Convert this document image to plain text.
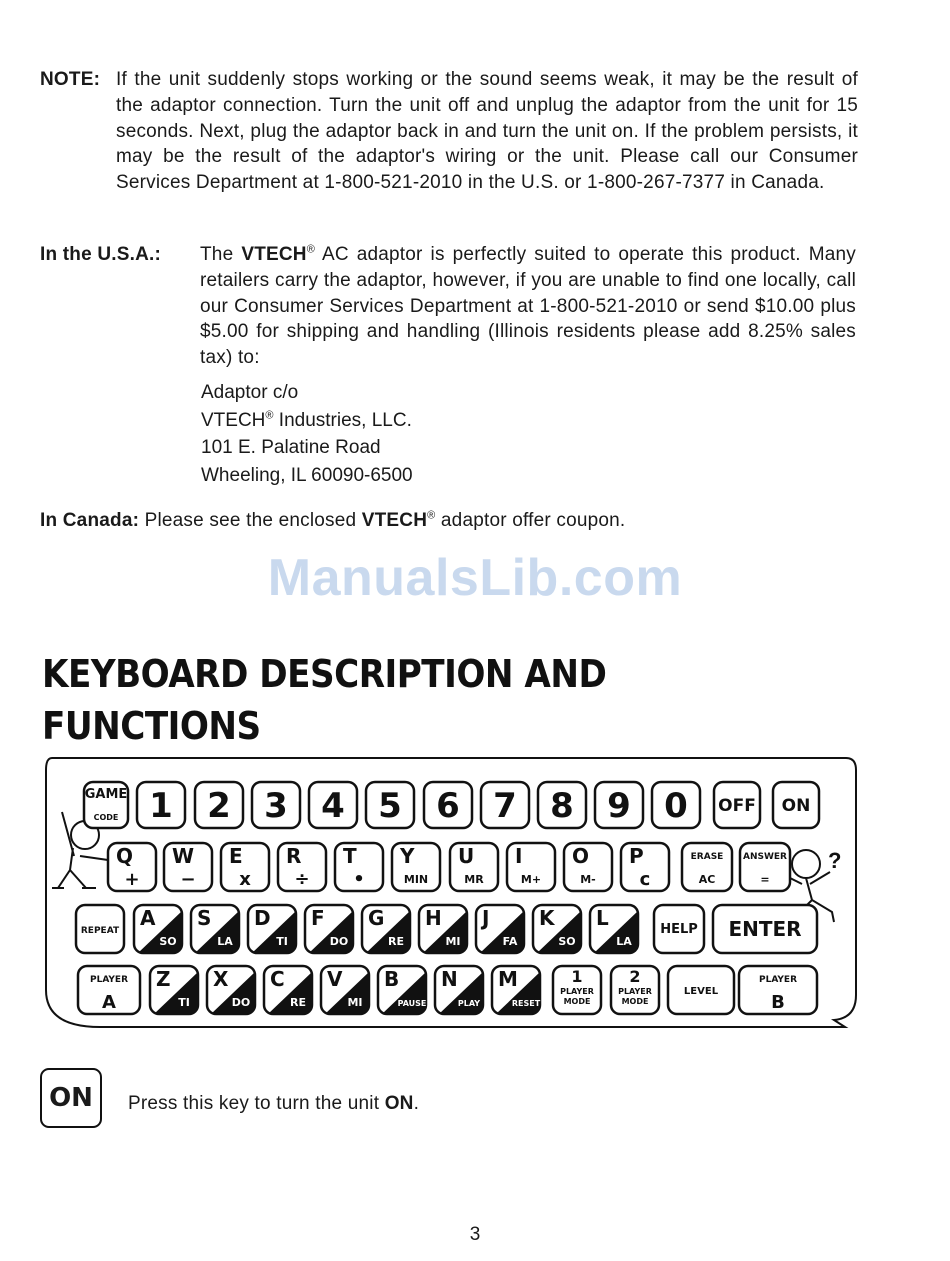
NOTE: If the unit suddenly stops working or the sound seems weak, it may be the result of the adaptor connection. Turn the unit off and unplug the adaptor from the unit for 15 seconds. Next, plug the adaptor back in and turn the unit on. If the problem persists, it may be the result of the adaptor's wiring or the unit. Please call our Consumer Services Department at 1-800-521-2010 in the U.S. or 1-800-267-7377 in Canada.
In the U.S.A.: The VTECH® AC adaptor is perfectly suited to operate this product. Many retailers carry the adaptor, however, if you are unable to find one locally, call our Consumer Services Department at 1-800-521-2010 or send $10.00 plus $5.00 for shipping and handling (Illinois residents please add 8.25% sales tax) to:
Adaptor c/o
VTECH® Industries, LLC.
101 E. Palatine Road
Wheeling, IL 60090-6500
In Canada: Please see the enclosed VTECH® adaptor offer coupon.
ManualsLib.com
KEYBOARD DESCRIPTION AND
FUNCTIONS
?
GAME
CODE 1 2 3 4 5 6 7 8 9 0 OFF ON
Q
+
W
−
E
x
R
÷
T
•
Y
MIN
U
MR
I
M+
O
M-
P
c
ERASE
AC
ANSWER
=
REPEAT
A
SO
S
LA
D
TI
F
DO
G
RE
H
MI
J
FA
K
SO
L
LA
HELP ENTER
PLAYER
A
Z
TI
X
DO
C
RE
V
MI
B
PAUSE
N
PLAY
M
RESET
1
PLAYER
MODE
2
PLAYER
MODE
LEVEL
PLAYER
B
ON	Press this key to turn the unit ON.
3
